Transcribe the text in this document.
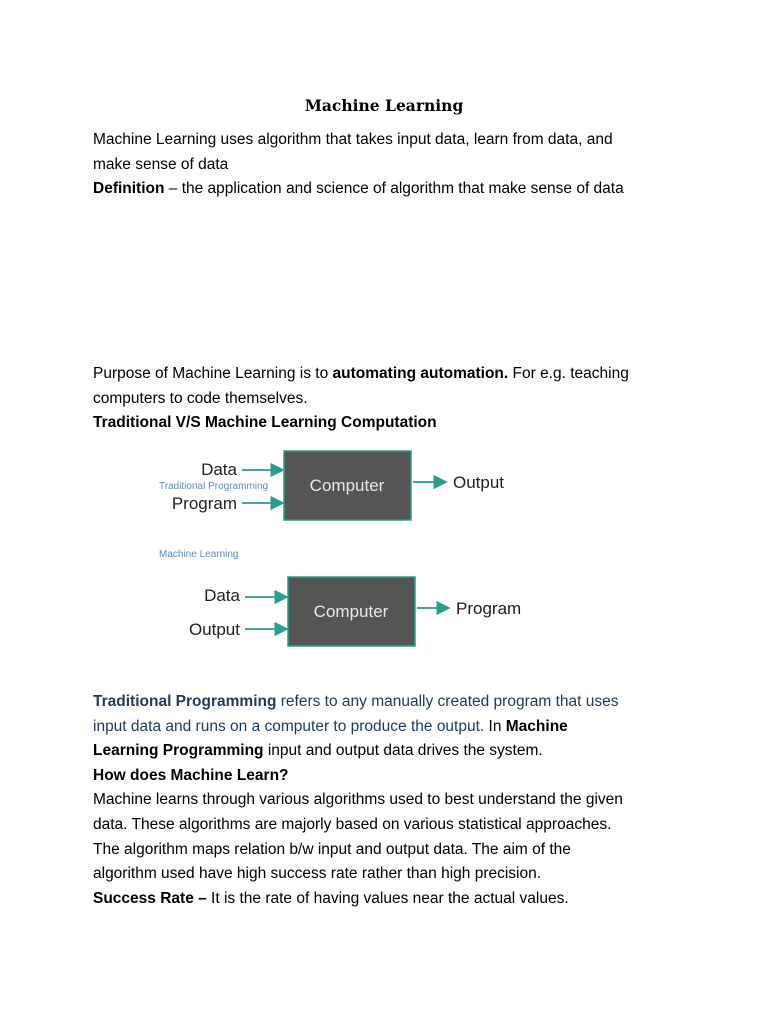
Machine Learning
Machine Learning uses algorithm that takes input data, learn from data, and
make sense of data
Definition – the application and science of algorithm that make sense of data
Purpose of Machine Learning is to automating automation. For e.g. teaching
computers to code themselves.
Traditional V/S Machine Learning Computation
Data
Traditional Programming
Program
Computer	Output
Machine Learning
Data
Output
Computer	Program
Traditional Programming refers to any manually created program that uses
input data and runs on a computer to produce the output. In Machine
Learning Programming input and output data drives the system.
How does Machine Learn?
Machine learns through various algorithms used to best understand the given
data. These algorithms are majorly based on various statistical approaches.
The algorithm maps relation b/w input and output data. The aim of the
algorithm used have high success rate rather than high precision.
Success Rate – It is the rate of having values near the actual values.
